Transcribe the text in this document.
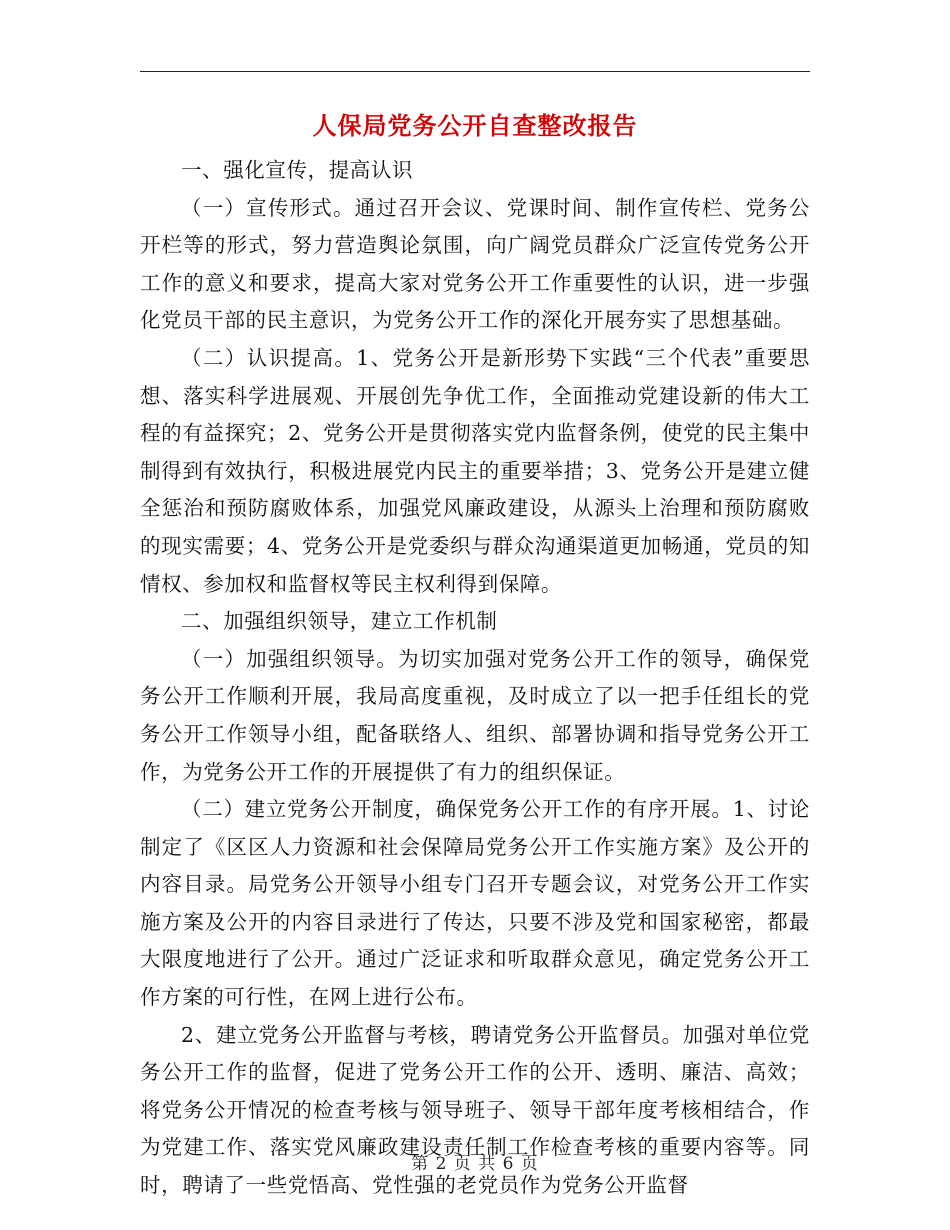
人保局党务公开自查整改报告

一、强化宣传，提高认识

（一）宣传形式。通过召开会议、党课时间、制作宣传栏、党务公开栏等的形式，努力营造舆论氛围，向广阔党员群众广泛宣传党务公开工作的意义和要求，提高大家对党务公开工作重要性的认识，进一步强化党员干部的民主意识，为党务公开工作的深化开展夯实了思想基础。

（二）认识提高。1、党务公开是新形势下实践“三个代表”重要思想、落实科学进展观、开展创先争优工作，全面推动党建设新的伟大工程的有益探究；2、党务公开是贯彻落实党内监督条例，使党的民主集中制得到有效执行，积极进展党内民主的重要举措；3、党务公开是建立健全惩治和预防腐败体系，加强党风廉政建设，从源头上治理和预防腐败的现实需要；4、党务公开是党委织与群众沟通渠道更加畅通，党员的知情权、参加权和监督权等民主权利得到保障。

二、加强组织领导，建立工作机制

（一）加强组织领导。为切实加强对党务公开工作的领导，确保党务公开工作顺利开展，我局高度重视，及时成立了以一把手任组长的党务公开工作领导小组，配备联络人、组织、部署协调和指导党务公开工作，为党务公开工作的开展提供了有力的组织保证。

（二）建立党务公开制度，确保党务公开工作的有序开展。1、讨论制定了《区区人力资源和社会保障局党务公开工作实施方案》及公开的内容目录。局党务公开领导小组专门召开专题会议，对党务公开工作实施方案及公开的内容目录进行了传达，只要不涉及党和国家秘密，都最大限度地进行了公开。通过广泛证求和听取群众意见，确定党务公开工作方案的可行性，在网上进行公布。

2、建立党务公开监督与考核，聘请党务公开监督员。加强对单位党务公开工作的监督，促进了党务公开工作的公开、透明、廉洁、高效；将党务公开情况的检查考核与领导班子、领导干部年度考核相结合，作为党建工作、落实党风廉政建设责任制工作检查考核的重要内容等。同时，聘请了一些党悟高、党性强的老党员作为党务公开监督

第 2 页 共 6 页
